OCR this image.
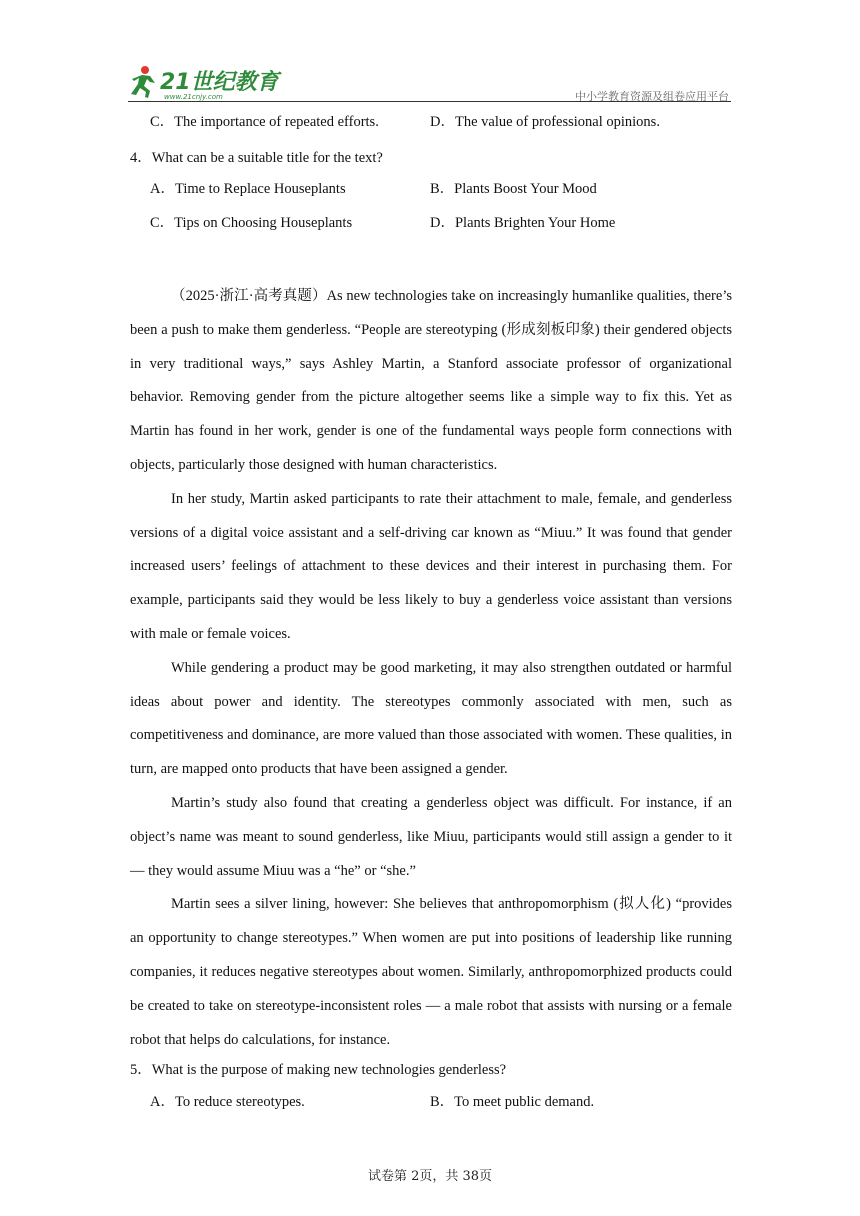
21世纪教育
www.21cnjy.com	中小学教育资源及组卷应用平台
C．The importance of repeated efforts.	D．The value of professional opinions.
4．What can be a suitable title for the text?
A．Time to Replace Houseplants	B．Plants Boost Your Mood
C．Tips on Choosing Houseplants	D．Plants Brighten Your Home

（2025·浙江·高考真题）As new technologies take on increasingly humanlike qualities, there’s been a push to make them genderless. “People are stereotyping (形成刻板印象) their gendered objects in very traditional ways,” says Ashley Martin, a Stanford associate professor of organizational behavior. Removing gender from the picture altogether seems like a simple way to fix this. Yet as Martin has found in her work, gender is one of the fundamental ways people form connections with objects, particularly those designed with human characteristics.

In her study, Martin asked participants to rate their attachment to male, female, and genderless versions of a digital voice assistant and a self-driving car known as “Miuu.” It was found that gender increased users’ feelings of attachment to these devices and their interest in purchasing them. For example, participants said they would be less likely to buy a genderless voice assistant than versions with male or female voices.

While gendering a product may be good marketing, it may also strengthen outdated or harmful ideas about power and identity. The stereotypes commonly associated with men, such as competitiveness and dominance, are more valued than those associated with women. These qualities, in turn, are mapped onto products that have been assigned a gender.

Martin’s study also found that creating a genderless object was difficult. For instance, if an object’s name was meant to sound genderless, like Miuu, participants would still assign a gender to it — they would assume Miuu was a “he” or “she.”

Martin sees a silver lining, however: She believes that anthropomorphism (拟人化) “provides an opportunity to change stereotypes.” When women are put into positions of leadership like running companies, it reduces negative stereotypes about women. Similarly, anthropomorphized products could be created to take on stereotype-inconsistent roles — a male robot that assists with nursing or a female robot that helps do calculations, for instance.

5．What is the purpose of making new technologies genderless?
A．To reduce stereotypes.	B．To meet public demand.
试卷第 2页，共 38页
